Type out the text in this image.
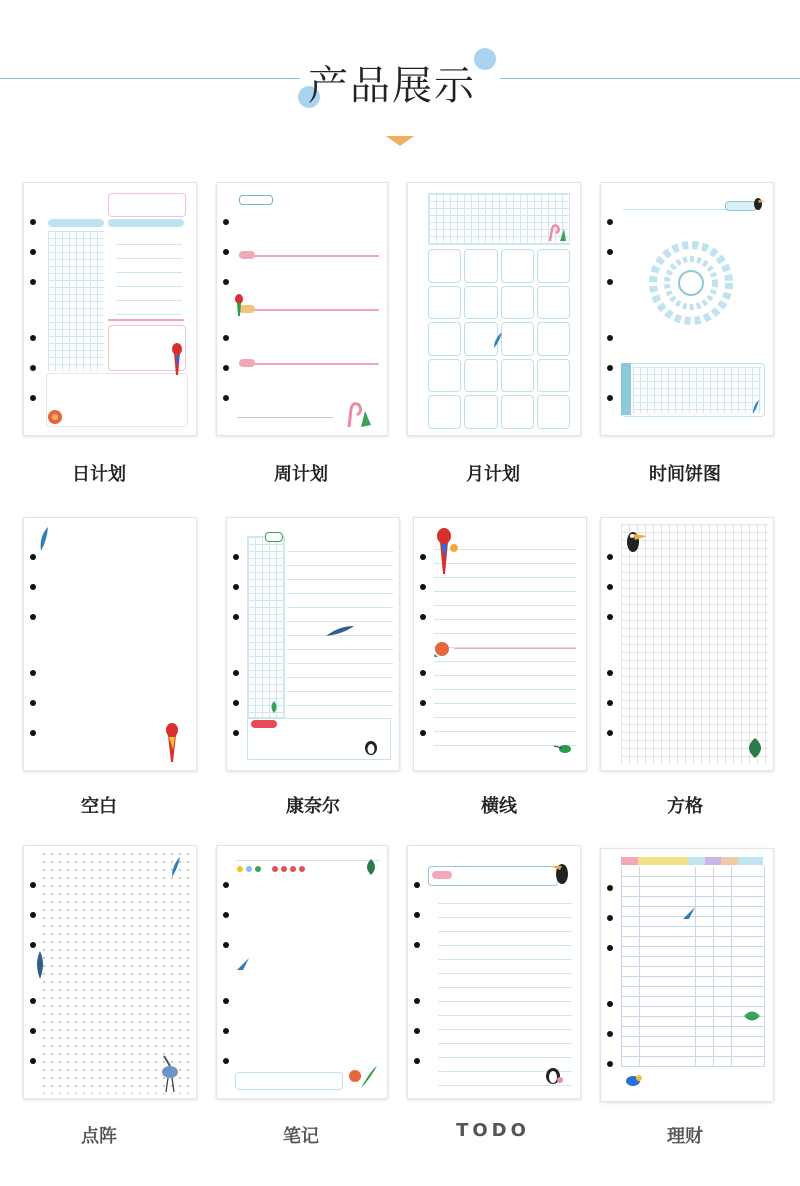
产品展示
日计划	周计划	月计划	时间饼图
空白	康奈尔	横线	方格
点阵	笔记	TODO	理财
